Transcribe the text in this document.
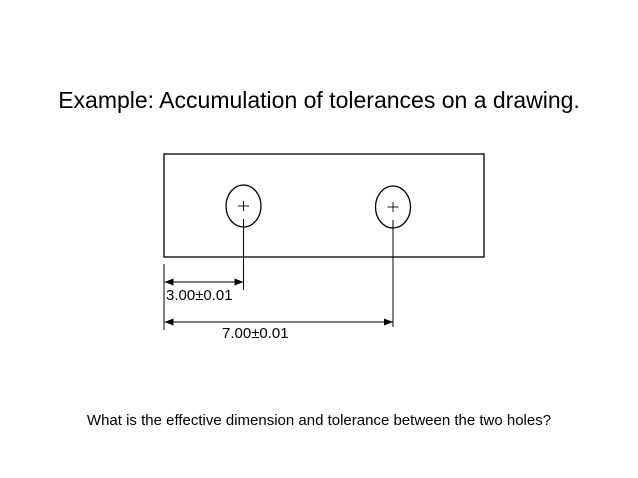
Example: Accumulation of tolerances on a drawing.
3.00±0.01
7.00±0.01
What is the effective dimension and tolerance between the two holes?
